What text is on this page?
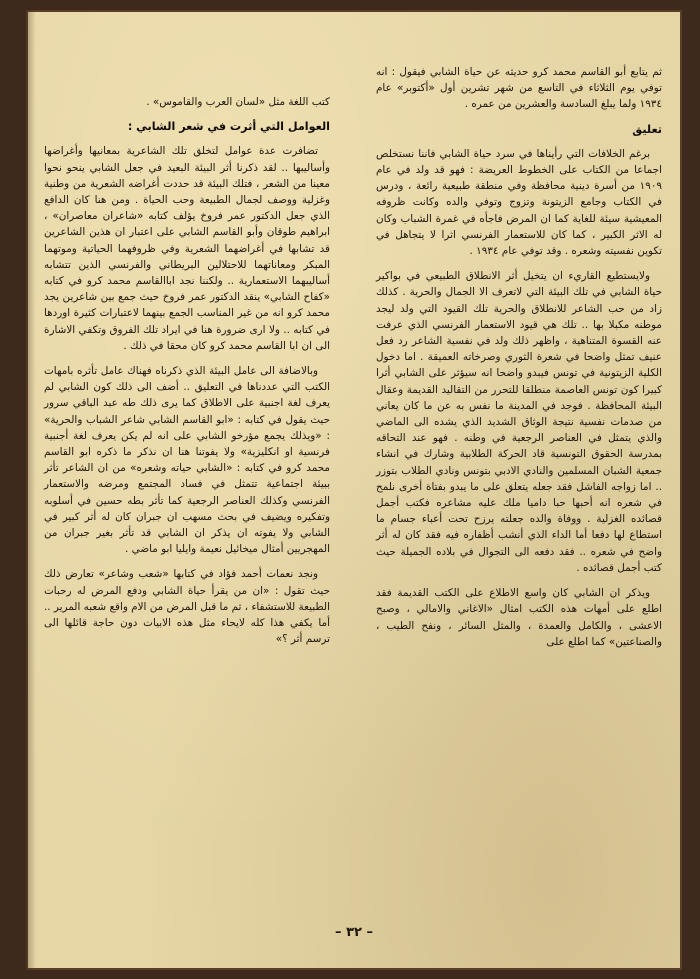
ثم يتابع أبو القاسم محمد كرو حديثه عن حياة الشابي فيقول : انه توفي يوم الثلاثاء في التاسع من شهر تشرين أول «أكتوبر» عام ١٩٣٤ ولما يبلغ السادسة والعشرين من عمره .

تعليق

برغم الخلافات التي رأيناها في سرد حياة الشابي فاننا نستخلص اجماعا من الكتاب على الخطوط العريضة : فهو قد ولد في عام ١٩٠٩ من أسرة دينية محافظة وفي منطقة طبيعية رائعة ، ودرس في الكتاب وجامع الزيتونة وتزوج وتوفي والده وكانت ظروفه المعيشية سيئة للغاية كما ان المرض فاجأه في غمرة الشباب وكان له الاثر الكبير ، كما كان للاستعمار الفرنسي اثرا لا يتجاهل في تكوين نفسيته وشعره . وقد توفي عام ١٩٣٤ .

ولايستطيع القاريء ان يتخيل أثر الانطلاق الطبيعي في بواكير حياة الشابي في تلك البيئة التي لاتعرف الا الجمال والحرية . كذلك زاد من حب الشاعر للانطلاق والحرية تلك القيود التي ولد ليجد موطنه مكبلا بها .. تلك هي قيود الاستعمار الفرنسي الذي عرفت عنه القسوة المتناهية ، واظهر ذلك ولد في نفسية الشاعر رد فعل عنيف تمثل واضحا في شعرة الثوري وصرخاته العميقة . اما دخول الكلية الزيتونية في تونس فيبدو واضحا انه سيؤثر على الشابي أثرا كبيرا كون تونس العاصمة منطلقا للتحرر من التقاليد القديمة وعقال البيئة المحافظة . فوجد في المدينة ما نفس به عن ما كان يعاني من صدمات نفسية نتيجة الوثاق الشديد الذي يشده الى الماضي والذي يتمثل في العناصر الرجعية في وطنه . فهو عند التحاقه بمدرسة الحقوق التونسية قاد الحركة الطلابية وشارك في انشاء جمعية الشبان المسلمين والنادي الادبي بتونس ونادي الطلاب بتوزر .. اما زواجه الفاشل فقد جعله يتعلق على ما يبدو بفتاة أخرى نلمح في شعره انه أحبها حبا داميا ملك عليه مشاعره فكتب أجمل قصائده الغزلية . ووفاة والده جعلته يرزح تحت أعباء جسام ما استطاع لها دفعا أما الداء الذي أنشب أظفاره فيه فقد كان له أثر واضح في شعره .. فقد دفعه الى التجوال في بلاده الجميلة حيث كتب أجمل قصائده .

ويذكر ان الشابي كان واسع الاطلاع على الكتب القديمة فقد اطلع على أمهات هذه الكتب امثال «الاغاني والامالي ، وصبح الاعشى ، والكامل والعمدة ، والمثل السائر ، ونفح الطيب ، والصناعتين» كما اطلع على

كتب اللغة مثل «لسان العرب والقاموس» .

العوامل التي أثرت في شعر الشابي :

تضافرت عدة عوامل لتخلق تلك الشاعرية بمعانيها وأغراضها وأساليبها .. لقد ذكرنا أثر البيئة البعيد في جعل الشابي ينحو نحوا معينا من الشعر ، فتلك البيئة قد حددت أغراضه الشعرية من وطنية وغزلية ووصف لجمال الطبيعة وحب الحياة . ومن هنا كان الدافع الذي جعل الدكتور عمر فروخ يؤلف كتابه «شاعران معاصران» ، ابراهيم طوقان وأبو القاسم الشابي على اعتبار ان هذين الشاعرين قد تشابها في أغراضهما الشعرية وفي ظروفهما الحياتية وموتهما المبكر ومعاناتهما للاحتلالين البريطاني والفرنسي الذين تتشابه أساليبهما الاستعمارية .. ولكننا نجد اباالقاسم محمد كرو في كتابه «كفاح الشابي» ينقد الدكتور عمر فروخ حيث جمع بين شاعرين يجد محمد كرو انه من غير المناسب الجمع بينهما لاعتبارات كثيرة اوردها في كتابه .. ولا ارى ضرورة هنا في ايراد تلك الفروق وتكفي الاشارة الى ان ابا القاسم محمد كرو كان محقا في ذلك .

وبالاضافة الى عامل البيئة الذي ذكرناه فهناك عامل تأثره بامهات الكتب التي عددناها في التعليق .. أضف الى ذلك كون الشابي لم يعرف لغة اجنبية على الاطلاق كما يرى ذلك طه عبد الباقي سرور حيث يقول في كتابه : «ابو القاسم الشابي شاعر الشباب والحرية» : «ويذلك يجمع مؤرخو الشابي على انه لم يكن يعرف لغة أجنبية فرنسية او انكليزية» ولا يفوتنا هنا ان نذكر ما ذكره ابو القاسم محمد كرو في كتابه : «الشابي حياته وشعره» من ان الشاعر تأثر ببيئة اجتماعية تتمثل في فساد المجتمع ومرضه والاستعمار الفرنسي وكذلك العناصر الرجعية كما تأثر بطه حسين في أسلوبه وتفكيره ويضيف في بحث مسهب ان جبران كان له أثر كبير في الشابي ولا يفوته ان يذكر ان الشابي قد تأثر بغير جبران من المهجريين أمثال ميخائيل نعيمة وايليا ابو ماضي .

ونجد نعمات أحمد فؤاد في كتابها «شعب وشاعر» تعارض ذلك حيث تقول : «ان من يقرأ حياة الشابي ودفع المرض له رحبات الطبيعة للاستشفاء ، ثم ما قبل المرض من الام واقع شعبه المرير .. أما يكفي هذا كله لايحاء مثل هذه الابيات دون حاجة قائلها الى ترسم أثر ؟»

– ٣٢ –
